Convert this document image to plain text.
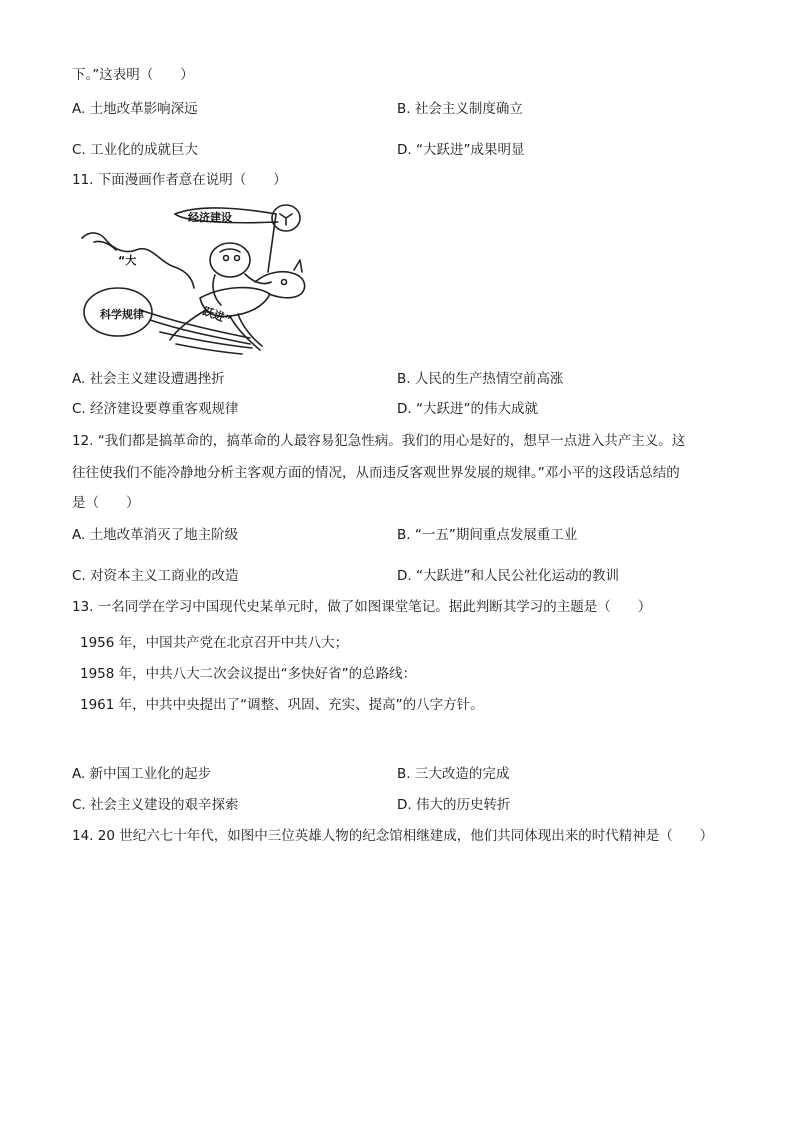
下。”这表明（　　）
A. 土地改革影响深远	B. 社会主义制度确立
C. 工业化的成就巨大	D. “大跃进”成果明显
11. 下面漫画作者意在说明（　　）
科学规律
经济建设
“大
跃进”
A. 社会主义建设遭遇挫折	B. 人民的生产热情空前高涨
C. 经济建设要尊重客观规律	D. “大跃进”的伟大成就
12. “我们都是搞革命的，搞革命的人最容易犯急性病。我们的用心是好的，想早一点进入共产主义。这
往往使我们不能冷静地分析主客观方面的情况，从而违反客观世界发展的规律。”邓小平的这段话总结的
是（　　）
A. 土地改革消灭了地主阶级	B. “一五”期间重点发展重工业
C. 对资本主义工商业的改造	D. “大跃进”和人民公社化运动的教训
13. 一名同学在学习中国现代史某单元时，做了如图课堂笔记。据此判断其学习的主题是（　　）
1956 年，中国共产党在北京召开中共八大；
1958 年，中共八大二次会议提出“多快好省”的总路线：
1961 年，中共中央提出了“调整、巩固、充实、提高”的八字方针。
A. 新中国工业化的起步	B. 三大改造的完成
C. 社会主义建设的艰辛探索	D. 伟大的历史转折
14. 20 世纪六七十年代，如图中三位英雄人物的纪念馆相继建成，他们共同体现出来的时代精神是（　　）
